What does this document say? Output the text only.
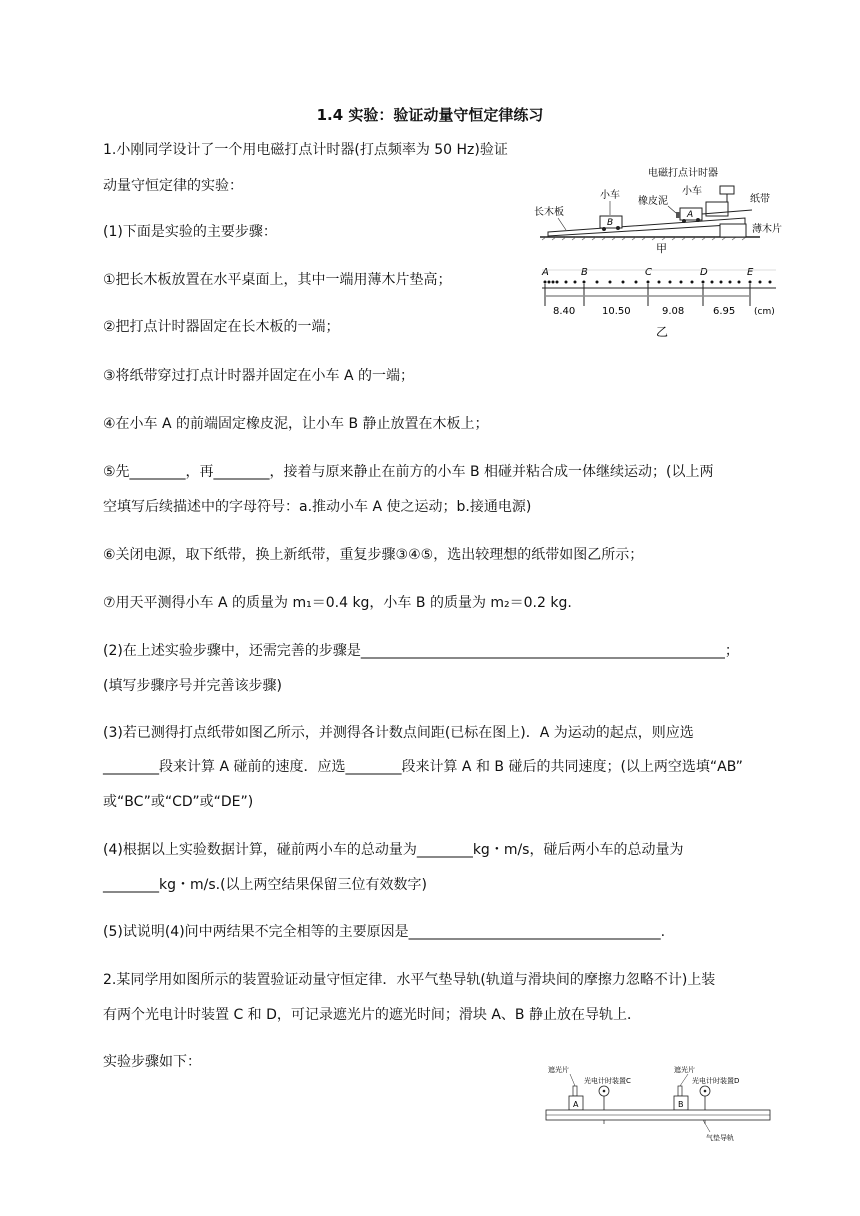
1.4 实验：验证动量守恒定律练习
1.小刚同学设计了一个用电磁打点计时器(打点频率为 50 Hz)验证
动量守恒定律的实验：
(1)下面是实验的主要步骤：
①把长木板放置在水平桌面上，其中一端用薄木片垫高；
②把打点计时器固定在长木板的一端；
③将纸带穿过打点计时器并固定在小车 A 的一端；
④在小车 A 的前端固定橡皮泥，让小车 B 静止放置在木板上；
⑤先________，再________，接着与原来静止在前方的小车 B 相碰并粘合成一体继续运动；(以上两
空填写后续描述中的字母符号：a.推动小车 A 使之运动；b.接通电源)
⑥关闭电源，取下纸带，换上新纸带，重复步骤③④⑤，选出较理想的纸带如图乙所示；
⑦用天平测得小车 A 的质量为 m₁＝0.4 kg，小车 B 的质量为 m₂＝0.2 kg.
(2)在上述实验步骤中，还需完善的步骤是____________________________________________________；
(填写步骤序号并完善该步骤)
(3)若已测得打点纸带如图乙所示，并测得各计数点间距(已标在图上)．A 为运动的起点，则应选
________段来计算 A 碰前的速度．应选________段来计算 A 和 B 碰后的共同速度；(以上两空选填“AB”
或“BC”或“CD”或“DE”)
(4)根据以上实验数据计算，碰前两小车的总动量为________kg・m/s，碰后两小车的总动量为
________kg・m/s.(以上两空结果保留三位有效数字)
(5)试说明(4)问中两结果不完全相等的主要原因是____________________________________.
2.某同学用如图所示的装置验证动量守恒定律．水平气垫导轨(轨道与滑块间的摩擦力忽略不计)上装
有两个光电计时装置 C 和 D，可记录遮光片的遮光时间；滑块 A、B 静止放在导轨上．
实验步骤如下：
B
A
电磁打点计时器
小车
橡皮泥
小车
纸带
长木板
薄木片
甲
A	B	C	D	E
8.40	10.50	9.08	6.95 (cm)
乙
遮光片
光电计时装置C
遮光片
光电计时装置D
A	B
气垫导轨
